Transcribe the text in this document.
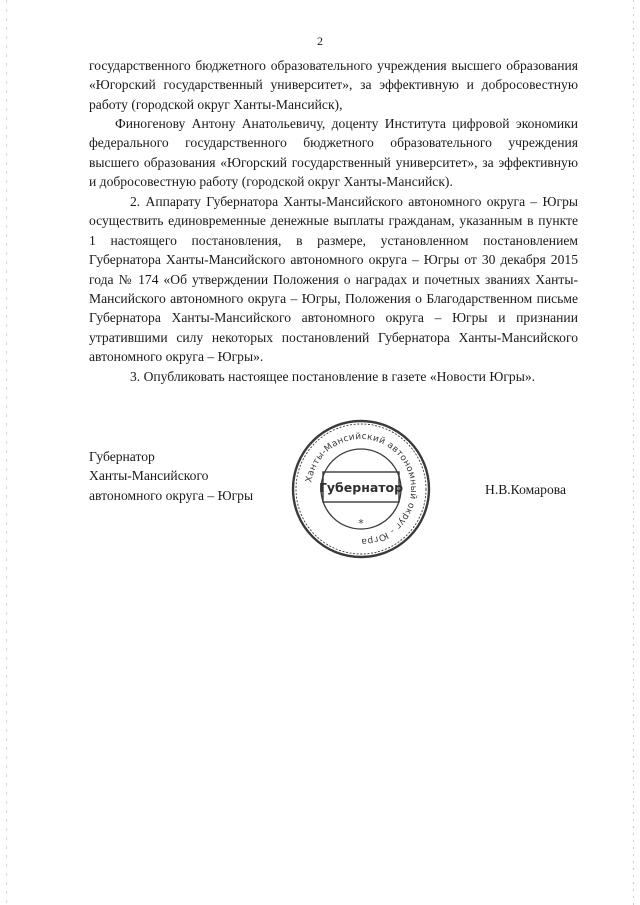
2
государственного бюджетного образовательного учреждения высшего образования «Югорский государственный университет», за эффективную и добросовестную работу (городской округ Ханты-Мансийск),
Финогенову Антону Анатольевичу, доценту Института цифровой экономики федерального государственного бюджетного образовательного учреждения высшего образования «Югорский государственный университет», за эффективную и добросовестную работу (городской округ Ханты-Мансийск).
2. Аппарату Губернатора Ханты-Мансийского автономного округа – Югры осуществить единовременные денежные выплаты гражданам, указанным в пункте 1 настоящего постановления, в размере, установленном постановлением Губернатора Ханты-Мансийского автономного округа – Югры от 30 декабря 2015 года № 174 «Об утверждении Положения о наградах и почетных званиях Ханты-Мансийского автономного округа – Югры, Положения о Благодарственном письме Губернатора Ханты-Мансийского автономного округа – Югры и признании утратившими силу некоторых постановлений Губернатора Ханты-Мансийского автономного округа – Югры».
3. Опубликовать настоящее постановление в газете «Новости Югры».
Губернатор
Ханты-Мансийского
автономного округа – Югры
Ханты-Мансийский автономный округ - Югра
Губернатор
*
Н.В.Комарова
